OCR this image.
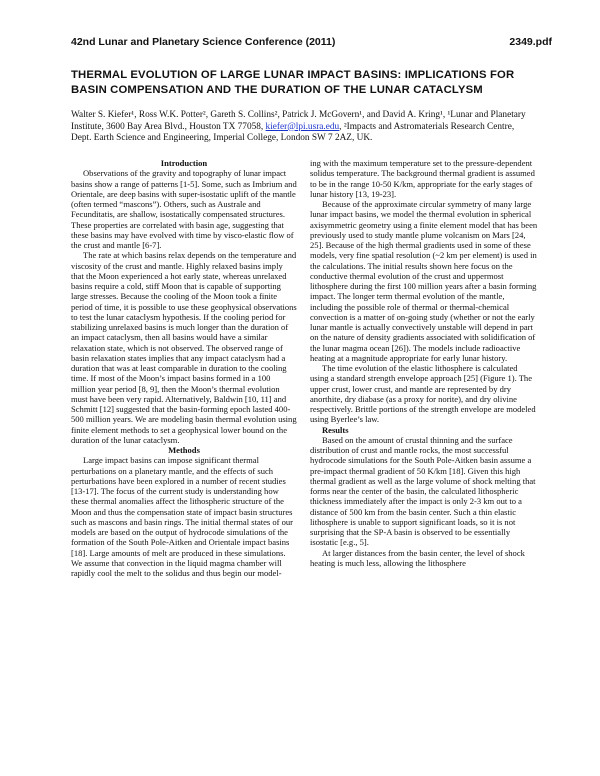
42nd Lunar and Planetary Science Conference (2011)	2349.pdf
THERMAL EVOLUTION OF LARGE LUNAR IMPACT BASINS: IMPLICATIONS FOR BASIN COMPENSATION AND THE DURATION OF THE LUNAR CATACLYSM
Walter S. Kiefer¹, Ross W.K. Potter², Gareth S. Collins², Patrick J. McGovern¹, and David A. Kring¹, ¹Lunar and Planetary Institute, 3600 Bay Area Blvd., Houston TX 77058, kiefer@lpi.usra.edu, ²Impacts and Astromaterials Research Centre, Dept. Earth Science and Engineering, Imperial College, London SW 7 2AZ, UK.

Introduction

Observations of the gravity and topography of lunar impact basins show a range of patterns [1-5]. Some, such as Imbrium and Orientale, are deep basins with super-isostatic uplift of the mantle (often termed “mascons”). Others, such as Australe and Fecunditatis, are shallow, isostatically compensated structures. These properties are correlated with basin age, suggesting that these basins may have evolved with time by visco-elastic flow of the crust and mantle [6-7].

The rate at which basins relax depends on the temperature and viscosity of the crust and mantle. Highly relaxed basins imply that the Moon experienced a hot early state, whereas unrelaxed basins require a cold, stiff Moon that is capable of supporting large stresses. Because the cooling of the Moon took a finite period of time, it is possible to use these geophysical observations to test the lunar cataclysm hypothesis. If the cooling period for stabilizing unrelaxed basins is much longer than the duration of an impact cataclysm, then all basins would have a similar relaxation state, which is not observed. The observed range of basin relaxation states implies that any impact cataclysm had a duration that was at least comparable in duration to the cooling time. If most of the Moon’s impact basins formed in a 100 million year period [8, 9], then the Moon’s thermal evolution must have been very rapid. Alternatively, Baldwin [10, 11] and Schmitt [12] suggested that the basin-forming epoch lasted 400-500 million years. We are modeling basin thermal evolution using finite element methods to set a geophysical lower bound on the duration of the lunar cataclysm.

Methods

Large impact basins can impose significant thermal perturbations on a planetary mantle, and the effects of such perturbations have been explored in a number of recent studies [13-17]. The focus of the current study is understanding how these thermal anomalies affect the lithospheric structure of the Moon and thus the compensation state of impact basin structures such as mascons and basin rings. The initial thermal states of our models are based on the output of hydrocode simulations of the formation of the South Pole-Aitken and Orientale impact basins [18]. Large amounts of melt are produced in these simulations. We assume that convection in the liquid magma chamber will rapidly cool the melt to the solidus and thus begin our model-

ing with the maximum temperature set to the pressure-dependent solidus temperature. The background thermal gradient is assumed to be in the range 10-50 K/km, appropriate for the early stages of lunar history [13, 19-23].

Because of the approximate circular symmetry of many large lunar impact basins, we model the thermal evolution in spherical axisymmetric geometry using a finite element model that has been previously used to study mantle plume volcanism on Mars [24, 25]. Because of the high thermal gradients used in some of these models, very fine spatial resolution (~2 km per element) is used in the calculations. The initial results shown here focus on the conductive thermal evolution of the crust and uppermost lithosphere during the first 100 million years after a basin forming impact. The longer term thermal evolution of the mantle, including the possible role of thermal or thermal-chemical convection is a matter of on-going study (whether or not the early lunar mantle is actually convectively unstable will depend in part on the nature of density gradients associated with solidification of the lunar magma ocean [26]). The models include radioactive heating at a magnitude appropriate for early lunar history.

The time evolution of the elastic lithosphere is calculated using a standard strength envelope approach [25] (Figure 1). The upper crust, lower crust, and mantle are represented by dry anorthite, dry diabase (as a proxy for norite), and dry olivine respectively. Brittle portions of the strength envelope are modeled using Byerlee’s law.

Results

Based on the amount of crustal thinning and the surface distribution of crust and mantle rocks, the most successful hydrocode simulations for the South Pole-Aitken basin assume a pre-impact thermal gradient of 50 K/km [18]. Given this high thermal gradient as well as the large volume of shock melting that forms near the center of the basin, the calculated lithospheric thickness immediately after the impact is only 2-3 km out to a distance of 500 km from the basin center. Such a thin elastic lithosphere is unable to support significant loads, so it is not surprising that the SP-A basin is observed to be essentially isostatic [e.g., 5].

At larger distances from the basin center, the level of shock heating is much less, allowing the lithosphere
